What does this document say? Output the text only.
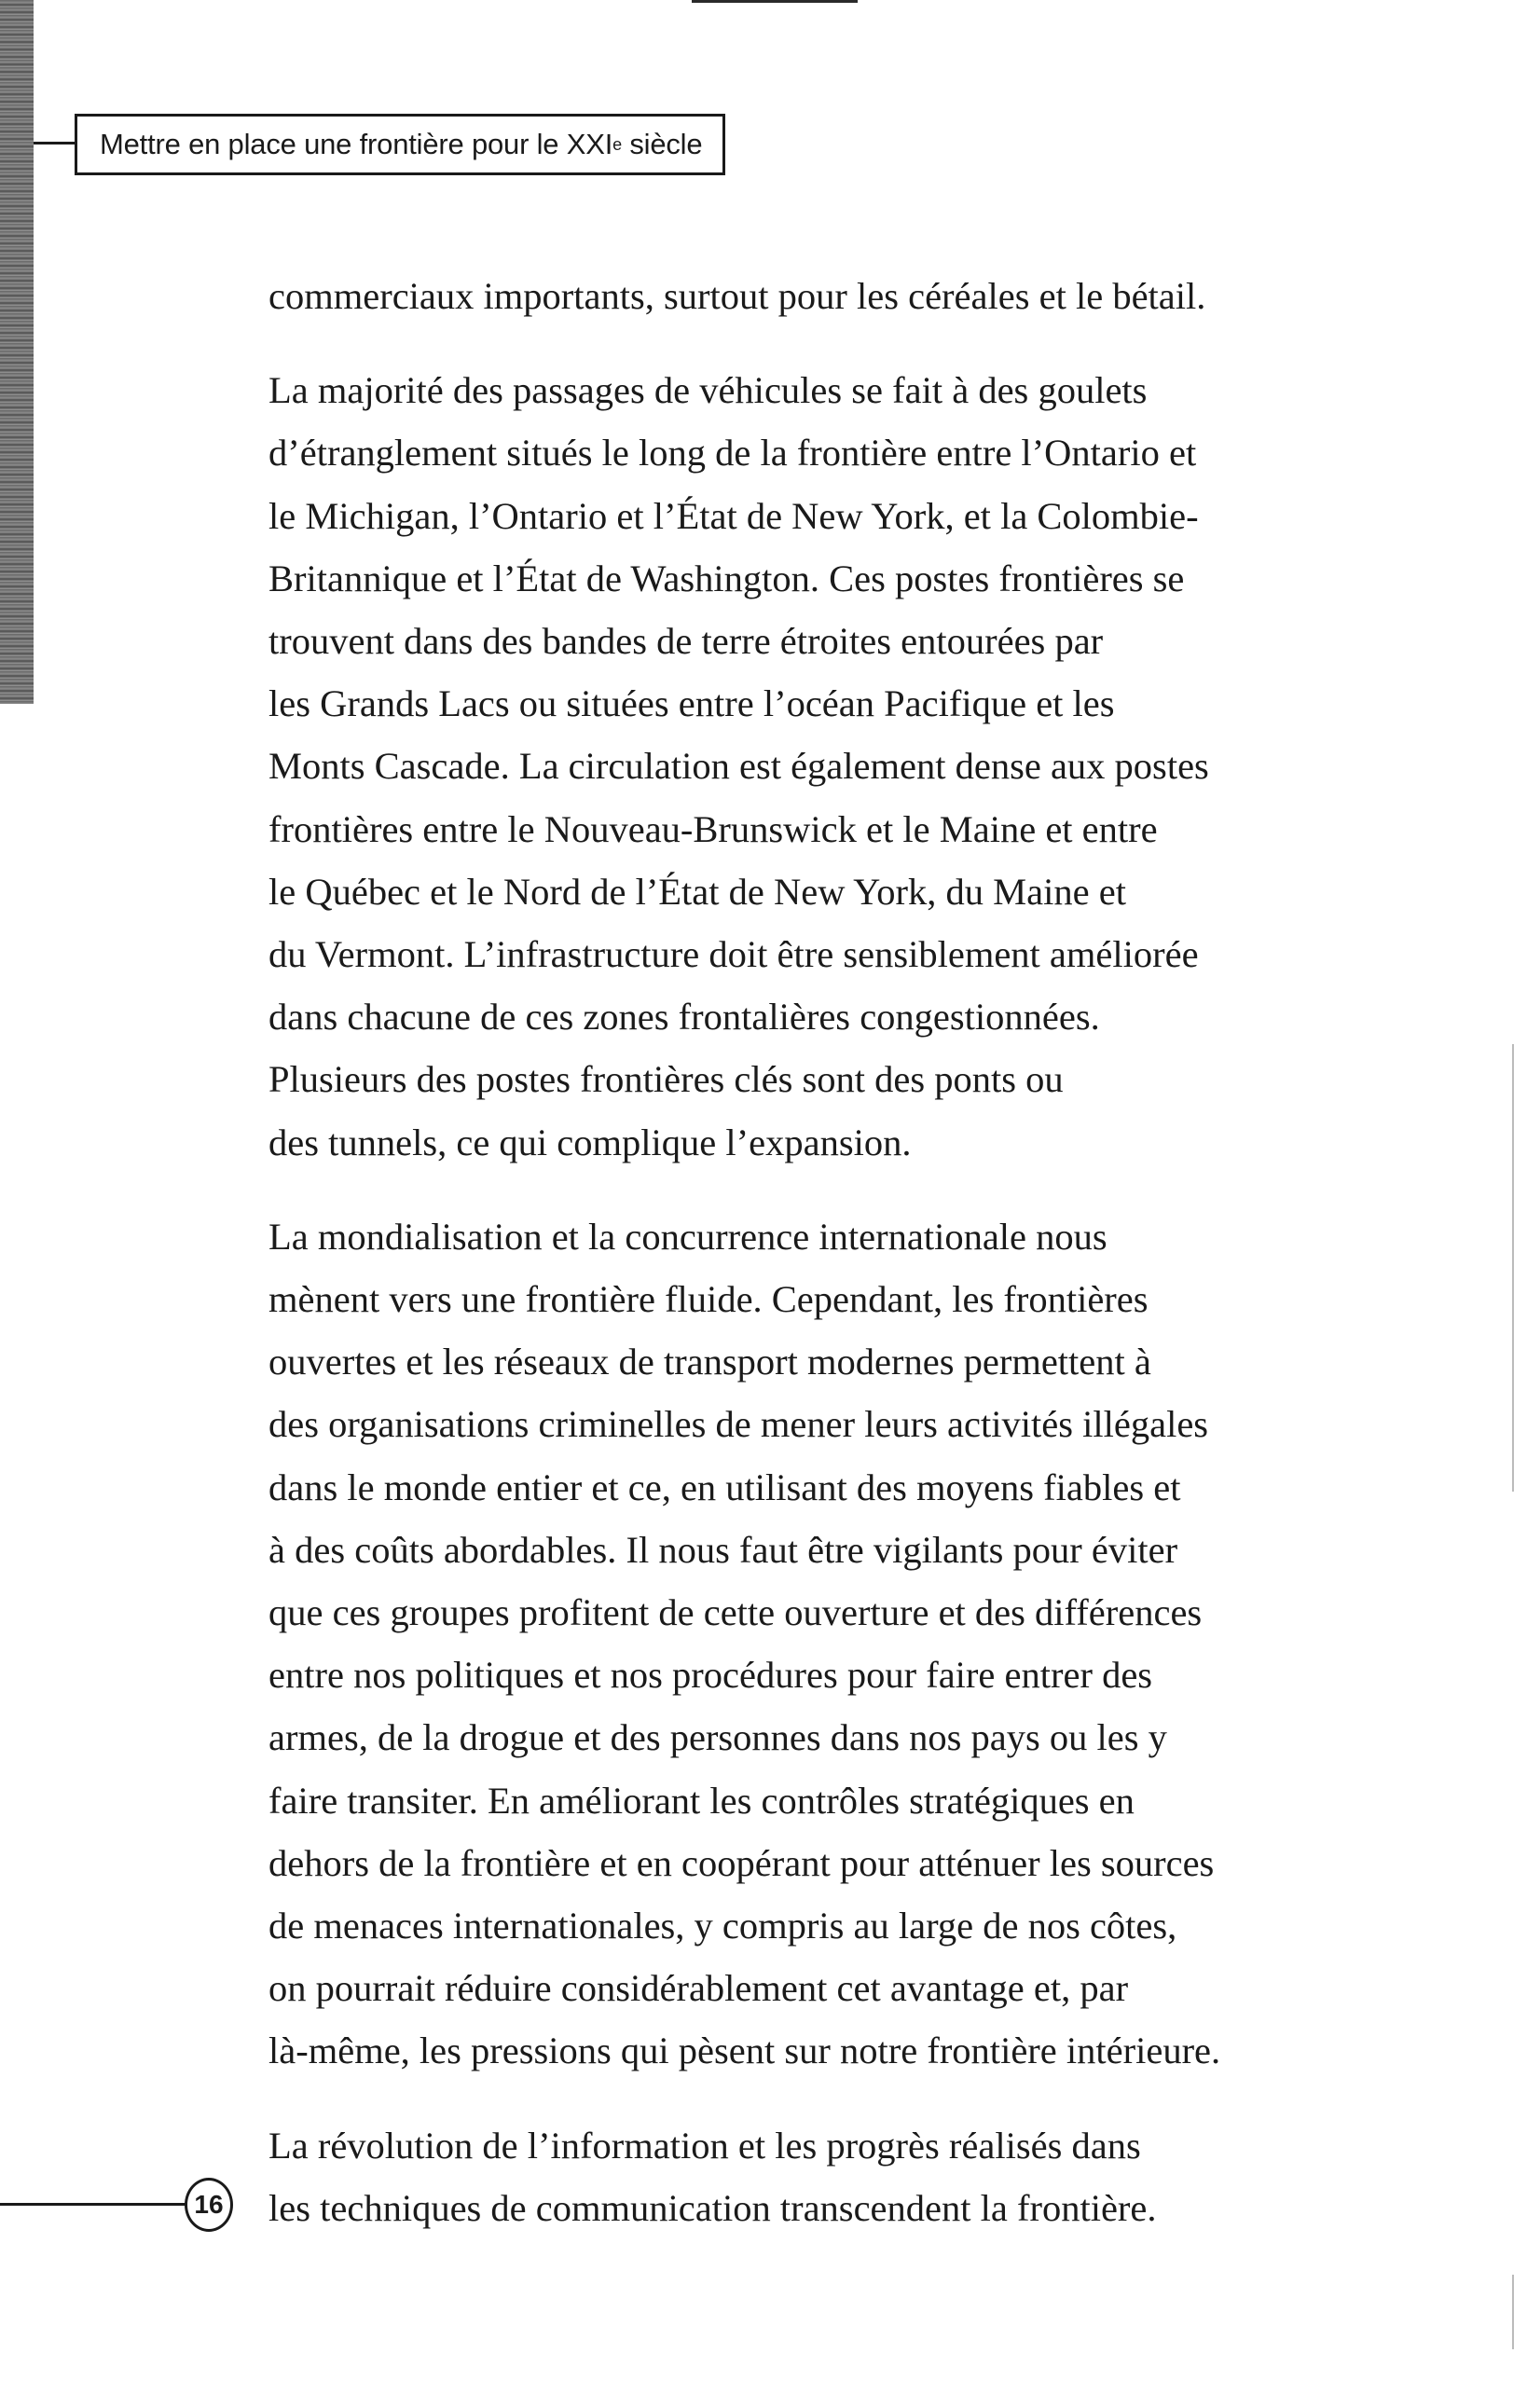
Mettre en place une frontière pour le XXI e siècle

commerciaux importants, surtout pour les céréales et le bétail.

La majorité des passages de véhicules se fait à des goulets
d’étranglement situés le long de la frontière entre l’Ontario et
le Michigan, l’Ontario et l’État de New York, et la Colombie-
Britannique et l’État de Washington. Ces postes frontières se
trouvent dans des bandes de terre étroites entourées par
les Grands Lacs ou situées entre l’océan Pacifique et les
Monts Cascade. La circulation est également dense aux postes
frontières entre le Nouveau-Brunswick et le Maine et entre
le Québec et le Nord de l’État de New York, du Maine et
du Vermont. L’infrastructure doit être sensiblement améliorée
dans chacune de ces zones frontalières congestionnées.
Plusieurs des postes frontières clés sont des ponts ou
des tunnels, ce qui complique l’expansion.

La mondialisation et la concurrence internationale nous
mènent vers une frontière fluide. Cependant, les frontières
ouvertes et les réseaux de transport modernes permettent à
des organisations criminelles de mener leurs activités illégales
dans le monde entier et ce, en utilisant des moyens fiables et
à des coûts abordables. Il nous faut être vigilants pour éviter
que ces groupes profitent de cette ouverture et des différences
entre nos politiques et nos procédures pour faire entrer des
armes, de la drogue et des personnes dans nos pays ou les y
faire transiter. En améliorant les contrôles stratégiques en
dehors de la frontière et en coopérant pour atténuer les sources
de menaces internationales, y compris au large de nos côtes,
on pourrait réduire considérablement cet avantage et, par
là-même, les pressions qui pèsent sur notre frontière intérieure.

La révolution de l’information et les progrès réalisés dans
les techniques de communication transcendent la frontière.

16
